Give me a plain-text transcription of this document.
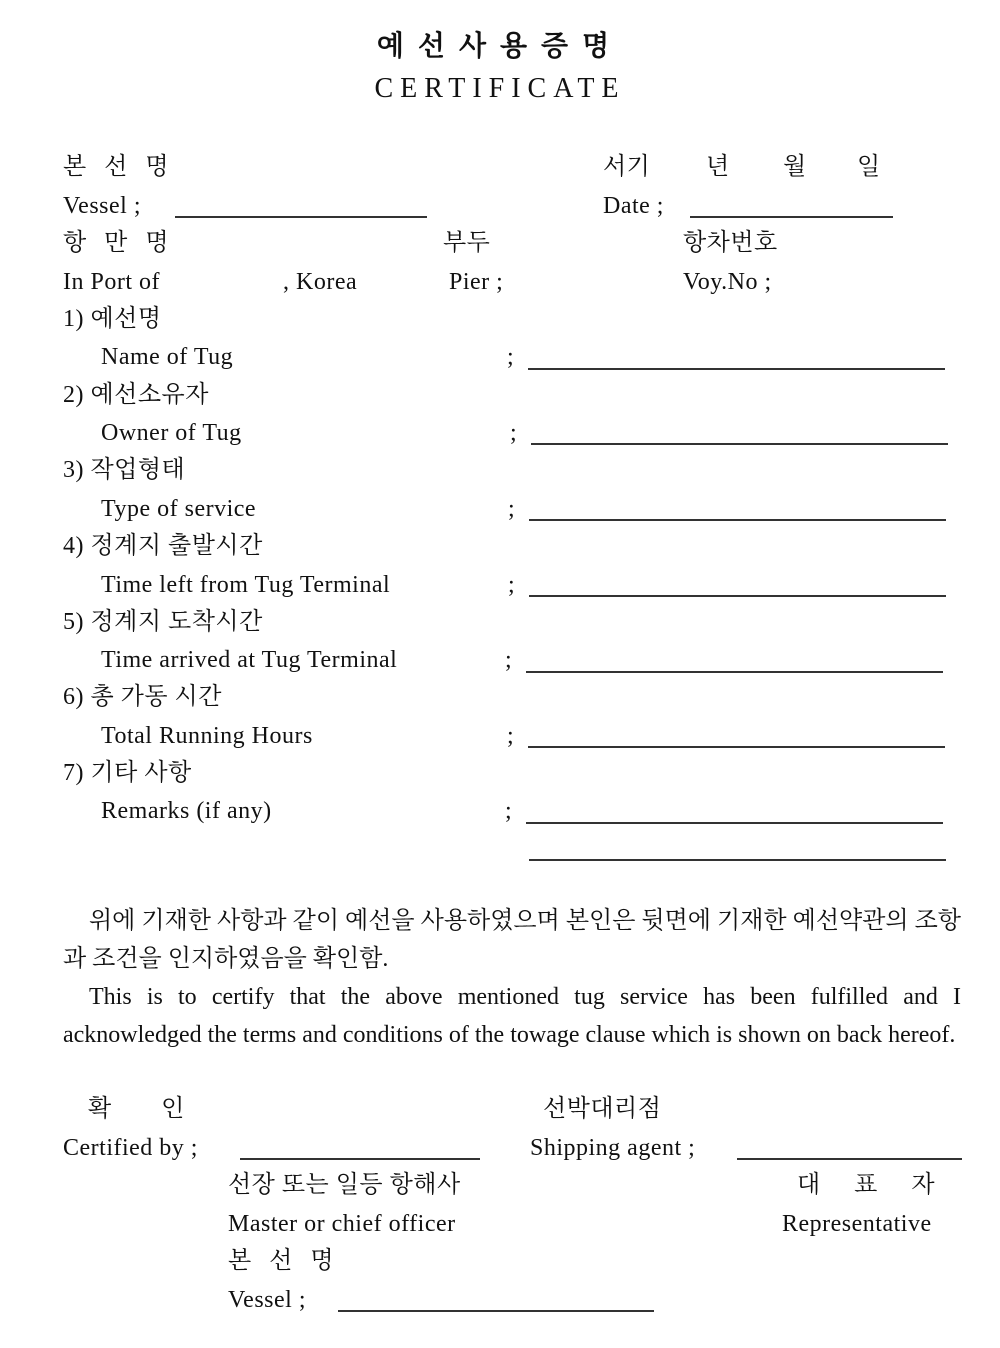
예선사용증명
CERTIFICATE
본 선 명
Vessel ;
서기 년 월 일
Date ;
항 만 명
In Port of	, Korea
부두
Pier ;
항차번호
Voy.No ;
1) 예선명
Name of Tug	;
2) 예선소유자
Owner of Tug	;
3) 작업형태
Type of service	;
4) 정계지 출발시간
Time left from Tug Terminal	;
5) 정계지 도착시간
Time arrived at Tug Terminal	;
6) 총 가동 시간
Total Running Hours	;
7) 기타 사항
Remarks (if any)	;
위에 기재한 사항과 같이 예선을 사용하였으며 본인은 뒷면에 기재한 예선약관의 조항과 조건을 인지하였음을 확인함.
This is to certify that the above mentioned tug service has been fulfilled and I acknowledged the terms and conditions of the towage clause which is shown on back hereof.
확 인
Certified by ;
선박대리점
Shipping agent ;
선장 또는 일등 항해사
Master or chief officer
대 표 자
Representative
본 선 명
Vessel ;
